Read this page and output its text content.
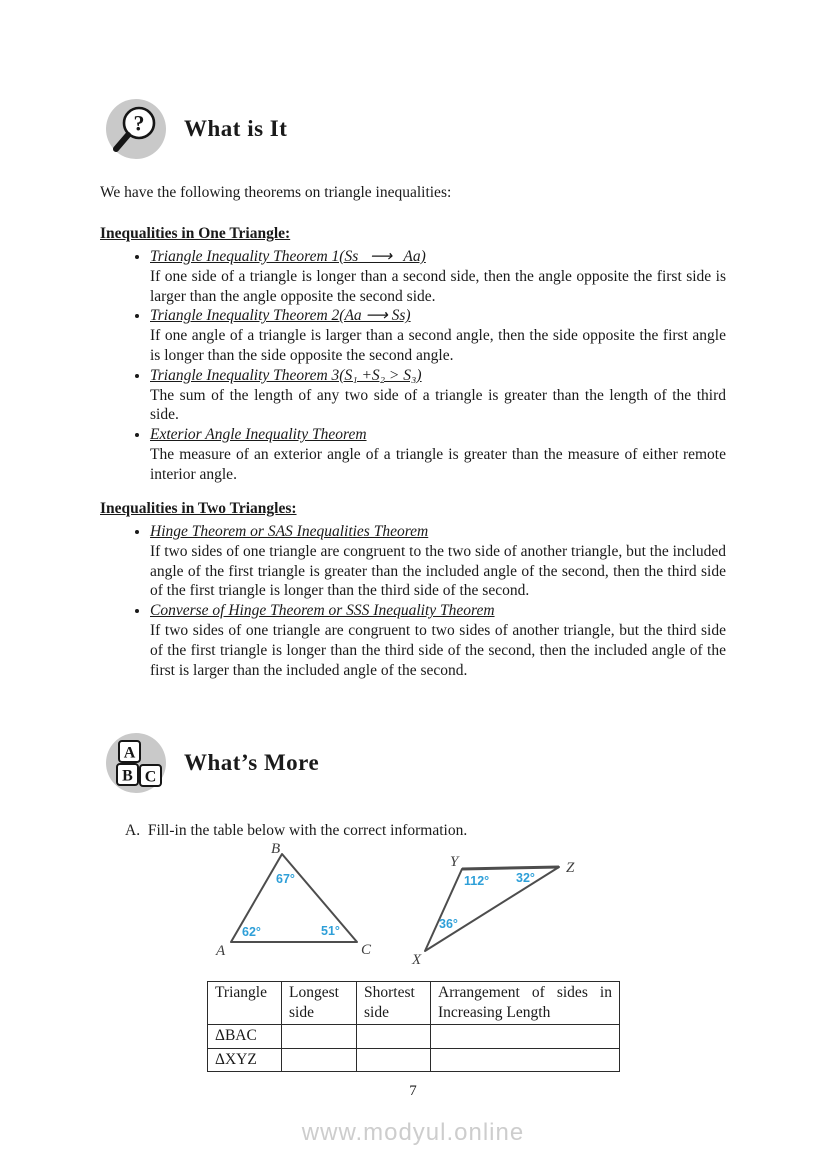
? What is It
We have the following theorems on triangle inequalities:
Inequalities in One Triangle:
• Triangle Inequality Theorem 1(Ss  ⟶  Aa)
If one side of a triangle is longer than a second side, then the angle opposite the first side is larger than the angle opposite the second side.
• Triangle Inequality Theorem 2(Aa ⟶ Ss)
If one angle of a triangle is larger than a second angle, then the side opposite the first angle is longer than the side opposite the second angle.
• Triangle Inequality Theorem 3(S₁ +S₂ > S₃)
The sum of the length of any two side of a triangle is greater than the length of the third side.
• Exterior Angle Inequality Theorem
The measure of an exterior angle of a triangle is greater than the measure of either remote interior angle.
Inequalities in Two Triangles:
• Hinge Theorem or SAS Inequalities Theorem
If two sides of one triangle are congruent to the two side of another triangle, but the included angle of the first triangle is greater than the included angle of the second, then the third side of the first triangle is longer than the third side of the second.
• Converse of Hinge Theorem or SSS Inequality Theorem
If two sides of one triangle are congruent to two sides of another triangle, but the third side of the first triangle is longer than the third side of the second, then the included angle of the first is larger than the included angle of the second.
A
B C
What’s More
A. Fill-in the table below with the correct information.
B
A	C
67°
62°	51°
Y	Z
X
112° 32°
36°
Triangle	Longest side	Shortest side	Arrangement of sides in Increasing Length
ΔBAC			
ΔXYZ			
7
www.modyul.online
